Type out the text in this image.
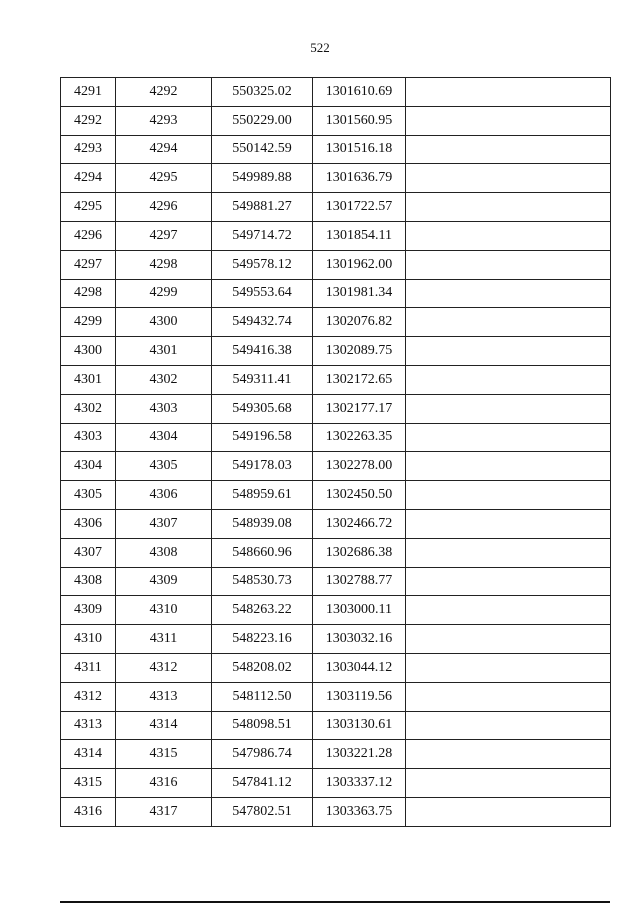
522
4291	4292	550325.02	1301610.69	
4292	4293	550229.00	1301560.95	
4293	4294	550142.59	1301516.18	
4294	4295	549989.88	1301636.79	
4295	4296	549881.27	1301722.57	
4296	4297	549714.72	1301854.11	
4297	4298	549578.12	1301962.00	
4298	4299	549553.64	1301981.34	
4299	4300	549432.74	1302076.82	
4300	4301	549416.38	1302089.75	
4301	4302	549311.41	1302172.65	
4302	4303	549305.68	1302177.17	
4303	4304	549196.58	1302263.35	
4304	4305	549178.03	1302278.00	
4305	4306	548959.61	1302450.50	
4306	4307	548939.08	1302466.72	
4307	4308	548660.96	1302686.38	
4308	4309	548530.73	1302788.77	
4309	4310	548263.22	1303000.11	
4310	4311	548223.16	1303032.16	
4311	4312	548208.02	1303044.12	
4312	4313	548112.50	1303119.56	
4313	4314	548098.51	1303130.61	
4314	4315	547986.74	1303221.28	
4315	4316	547841.12	1303337.12	
4316	4317	547802.51	1303363.75	
